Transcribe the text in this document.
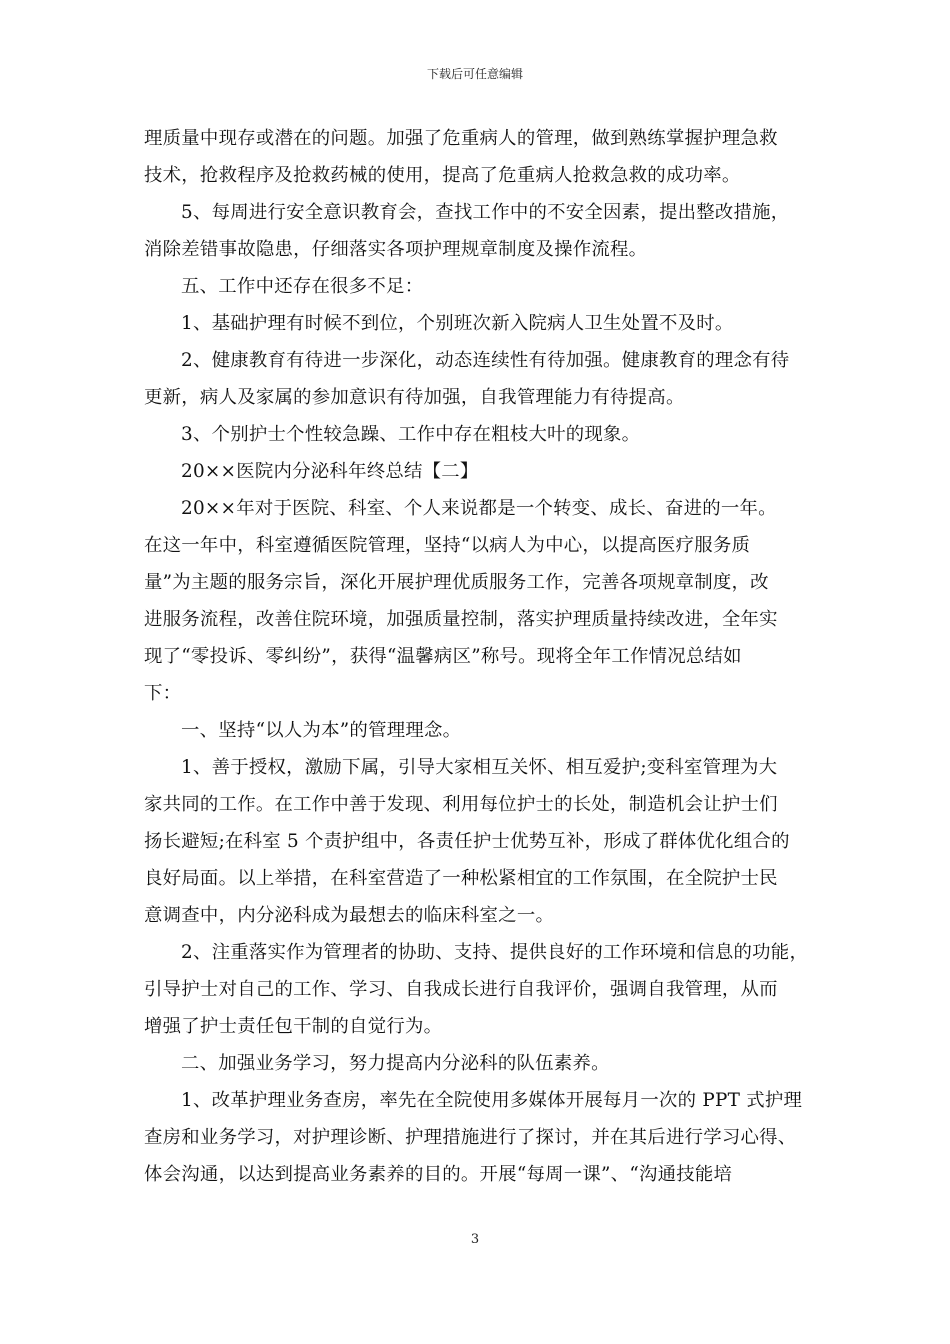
下载后可任意编辑
理质量中现存或潜在的问题。加强了危重病人的管理，做到熟练掌握护理急救
技术，抢救程序及抢救药械的使用，提高了危重病人抢救急救的成功率。
5、每周进行安全意识教育会，查找工作中的不安全因素，提出整改措施，
消除差错事故隐患，仔细落实各项护理规章制度及操作流程。
五、工作中还存在很多不足：
1、基础护理有时候不到位，个别班次新入院病人卫生处置不及时。
2、健康教育有待进一步深化，动态连续性有待加强。健康教育的理念有待
更新，病人及家属的参加意识有待加强，自我管理能力有待提高。
3、个别护士个性较急躁、工作中存在粗枝大叶的现象。
20××医院内分泌科年终总结【二】
20××年对于医院、科室、个人来说都是一个转变、成长、奋进的一年。
在这一年中，科室遵循医院管理，坚持“以病人为中心，以提高医疗服务质
量”为主题的服务宗旨，深化开展护理优质服务工作，完善各项规章制度，改
进服务流程，改善住院环境，加强质量控制，落实护理质量持续改进，全年实
现了“零投诉、零纠纷”，获得“温馨病区”称号。现将全年工作情况总结如
下：
一、坚持“以人为本”的管理理念。
1、善于授权，激励下属，引导大家相互关怀、相互爱护;变科室管理为大
家共同的工作。在工作中善于发现、利用每位护士的长处，制造机会让护士们
扬长避短;在科室 5 个责护组中，各责任护士优势互补，形成了群体优化组合的
良好局面。以上举措，在科室营造了一种松紧相宜的工作氛围，在全院护士民
意调查中，内分泌科成为最想去的临床科室之一。
2、注重落实作为管理者的协助、支持、提供良好的工作环境和信息的功能，
引导护士对自己的工作、学习、自我成长进行自我评价，强调自我管理，从而
增强了护士责任包干制的自觉行为。
二、加强业务学习，努力提高内分泌科的队伍素养。
1、改革护理业务查房，率先在全院使用多媒体开展每月一次的 PPT 式护理
查房和业务学习，对护理诊断、护理措施进行了探讨，并在其后进行学习心得、
体会沟通，以达到提高业务素养的目的。开展“每周一课”、“沟通技能培
3
